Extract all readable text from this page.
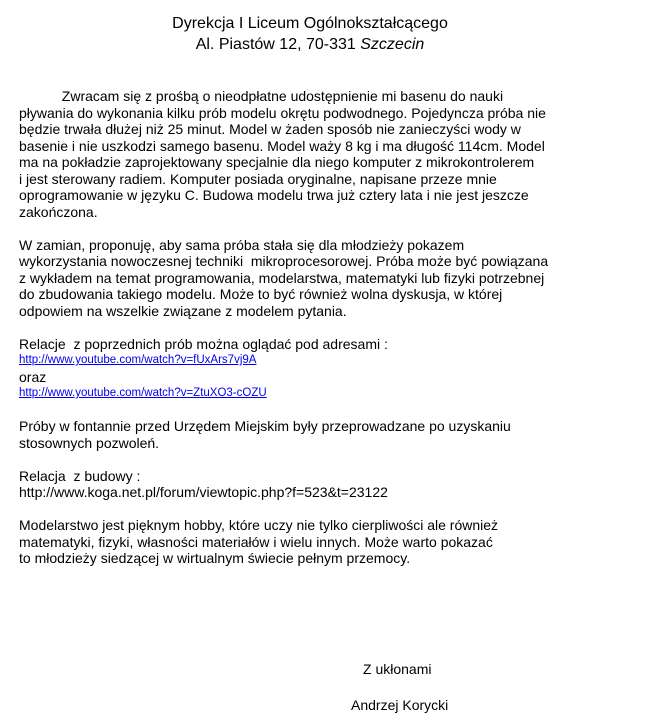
Dyrekcja I Liceum Ogólnokształcącego
Al. Piastów 12, 70-331 Szczecin
Zwracam się z prośbą o nieodpłatne udostępnienie mi basenu do nauki
pływania do wykonania kilku prób modelu okrętu podwodnego. Pojedyncza próba nie
będzie trwała dłużej niż 25 minut. Model w żaden sposób nie zanieczyści wody w
basenie i nie uszkodzi samego basenu. Model waży 8 kg i ma długość 114cm. Model
ma na pokładzie zaprojektowany specjalnie dla niego komputer z mikrokontrolerem
i jest sterowany radiem. Komputer posiada oryginalne, napisane przeze mnie
oprogramowanie w języku C. Budowa modelu trwa już cztery lata i nie jest jeszcze
zakończona.
W zamian, proponuję, aby sama próba stała się dla młodzieży pokazem
wykorzystania nowoczesnej techniki  mikroprocesorowej. Próba może być powiązana
z wykładem na temat programowania, modelarstwa, matematyki lub fizyki potrzebnej
do zbudowania takiego modelu. Może to być również wolna dyskusja, w której
odpowiem na wszelkie związane z modelem pytania.
Relacje  z poprzednich prób można oglądać pod adresami :
http://www.youtube.com/watch?v=fUxArs7vj9A
oraz
http://www.youtube.com/watch?v=ZtuXO3-cOZU
Próby w fontannie przed Urzędem Miejskim były przeprowadzane po uzyskaniu
stosownych pozwoleń.
Relacja  z budowy :
http://www.koga.net.pl/forum/viewtopic.php?f=523&t=23122
Modelarstwo jest pięknym hobby, które uczy nie tylko cierpliwości ale również
matematyki, fizyki, własności materiałów i wielu innych. Może warto pokazać
to młodzieży siedzącej w wirtualnym świecie pełnym przemocy.
Z ukłonami
Andrzej Korycki
